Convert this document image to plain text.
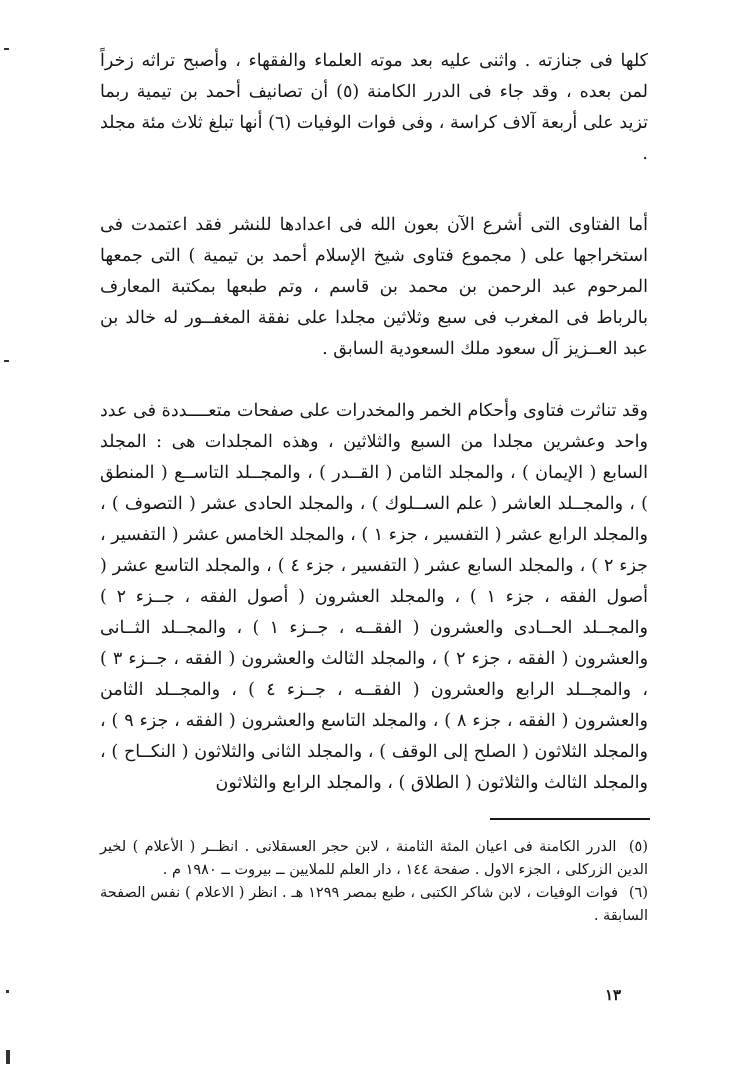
كلها فى جنازته . واثنى عليه بعد موته العلماء والفقهاء ، وأصبح تراثه زخراً لمن بعده ، وقد جاء فى الدرر الكامنة (٥) أن تصانيف أحمد بن تيمية ربما تزيد على أربعة آلاف كراسة ، وفى فوات الوفيات (٦) أنها تبلغ ثلاث مئة مجلد .

أما الفتاوى التى أشرع الآن بعون الله فى اعدادها للنشر فقد اعتمدت فى استخراجها على ( مجموع فتاوى شيخ الإسلام أحمد بن تيمية ) التى جمعها المرحوم عبد الرحمن بن محمد بن قاسم ، وتم طبعها بمكتبة المعارف بالرباط فى المغرب فى سبع وثلاثين مجلدا على نفقة المغفــور له خالد بن عبد العــزيز آل سعود ملك السعودية السابق .

وقد تناثرت فتاوى وأحكام الخمر والمخدرات على صفحات متعــــددة فى عدد واحد وعشرين مجلدا من السبع والثلاثين ، وهذه المجلدات هى : المجلد السابع ( الإيمان ) ، والمجلد الثامن ( القــدر ) ، والمجــلد التاســع ( المنطق ) ، والمجــلد العاشر ( علم الســلوك ) ، والمجلد الحادى عشر ( التصوف ) ، والمجلد الرابع عشر ( التفسير ، جزء ١ ) ، والمجلد الخامس عشر ( التفسير ، جزء ٢ ) ، والمجلد السابع عشر ( التفسير ، جزء ٤ ) ، والمجلد التاسع عشر ( أصول الفقه ، جزء ١ ) ، والمجلد العشرون ( أصول الفقه ، جــزء ٢ ) والمجــلد الحــادى والعشرون ( الفقــه ، جــزء ١ ) ، والمجــلد الثــانى والعشرون ( الفقه ، جزء ٢ ) ، والمجلد الثالث والعشرون ( الفقه ، جــزء ٣ ) ، والمجــلد الرابع والعشرون ( الفقــه ، جــزء ٤ ) ، والمجــلد الثامن والعشرون ( الفقه ، جزء ٨ ) ، والمجلد التاسع والعشرون ( الفقه ، جزء ٩ ) ، والمجلد الثلاثون ( الصلح إلى الوقف ) ، والمجلد الثانى والثلاثون ( النكــاح ) ، والمجلد الثالث والثلاثون ( الطلاق ) ، والمجلد الرابع والثلاثون

(٥) الدرر الكامنة فى اعيان المئة الثامنة ، لابن حجر العسقلانى . انظــر ( الأعلام ) لخير الدين الزركلى ، الجزء الاول . صفحة ١٤٤ ، دار العلم للملايين ــ بيروت ــ ١٩٨٠ م .

(٦) فوات الوفيات ، لابن شاكر الكتبى ، طبع بمصر ١٢٩٩ هـ . انظر ( الاعلام ) نفس الصفحة السابقة .

١٣
